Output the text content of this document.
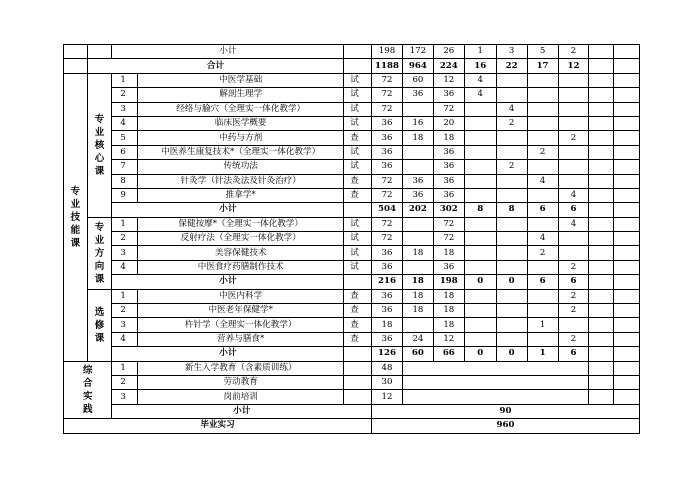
		小计			198	172	26	1	3	5	2		
	合计				1188	964	224	16	22	17	12		

专业技能课	专业核心课	1	中医学基础	试	72	60	12	4					
		2	解剖生理学	试	72	36	36	4					
		3	经络与腧穴（全理实一体化教学）	试	72		72		4				
		4	临床医学概要	试	36	16	20		2				
		5	中药与方剂	查	36	18	18				2		
		6	中医养生康复技术*（全理实一体化教学）	试	36		36			2			
		7	传统功法	试	36		36		2				
		8	针灸学（针法灸法及针灸治疗）	查	72	36	36			4			
		9	推拿学*	查	72	36	36				4		
		小计			504	202	302	8	8	6	6		

	专业方向课	1	保健按摩*（全理实一体化教学）	试	72		72				4		
		2	反射疗法（全理实一体化教学）	试	72		72			4			
		3	美容保健技术	试	36	18	18			2			
		4	中医食疗药膳制作技术	试	36		36				2		
		小计			216	18	198	0	0	6	6		

	选修课	1	中医内科学	查	36	18	18				2		
		2	中医老年保健学*	查	36	18	18				2		
		3	杵针学（全理实一体化教学）	查	18		18			1			
		4	营养与膳食*	查	36	24	12				2		
		小计			126	60	66	0	0	1	6		

综合实践		1	新生入学教育（含素质训练）		48								
		2	劳动教育		30								
		3	岗前培训		12								
		小计			90								
毕业实习					960								
